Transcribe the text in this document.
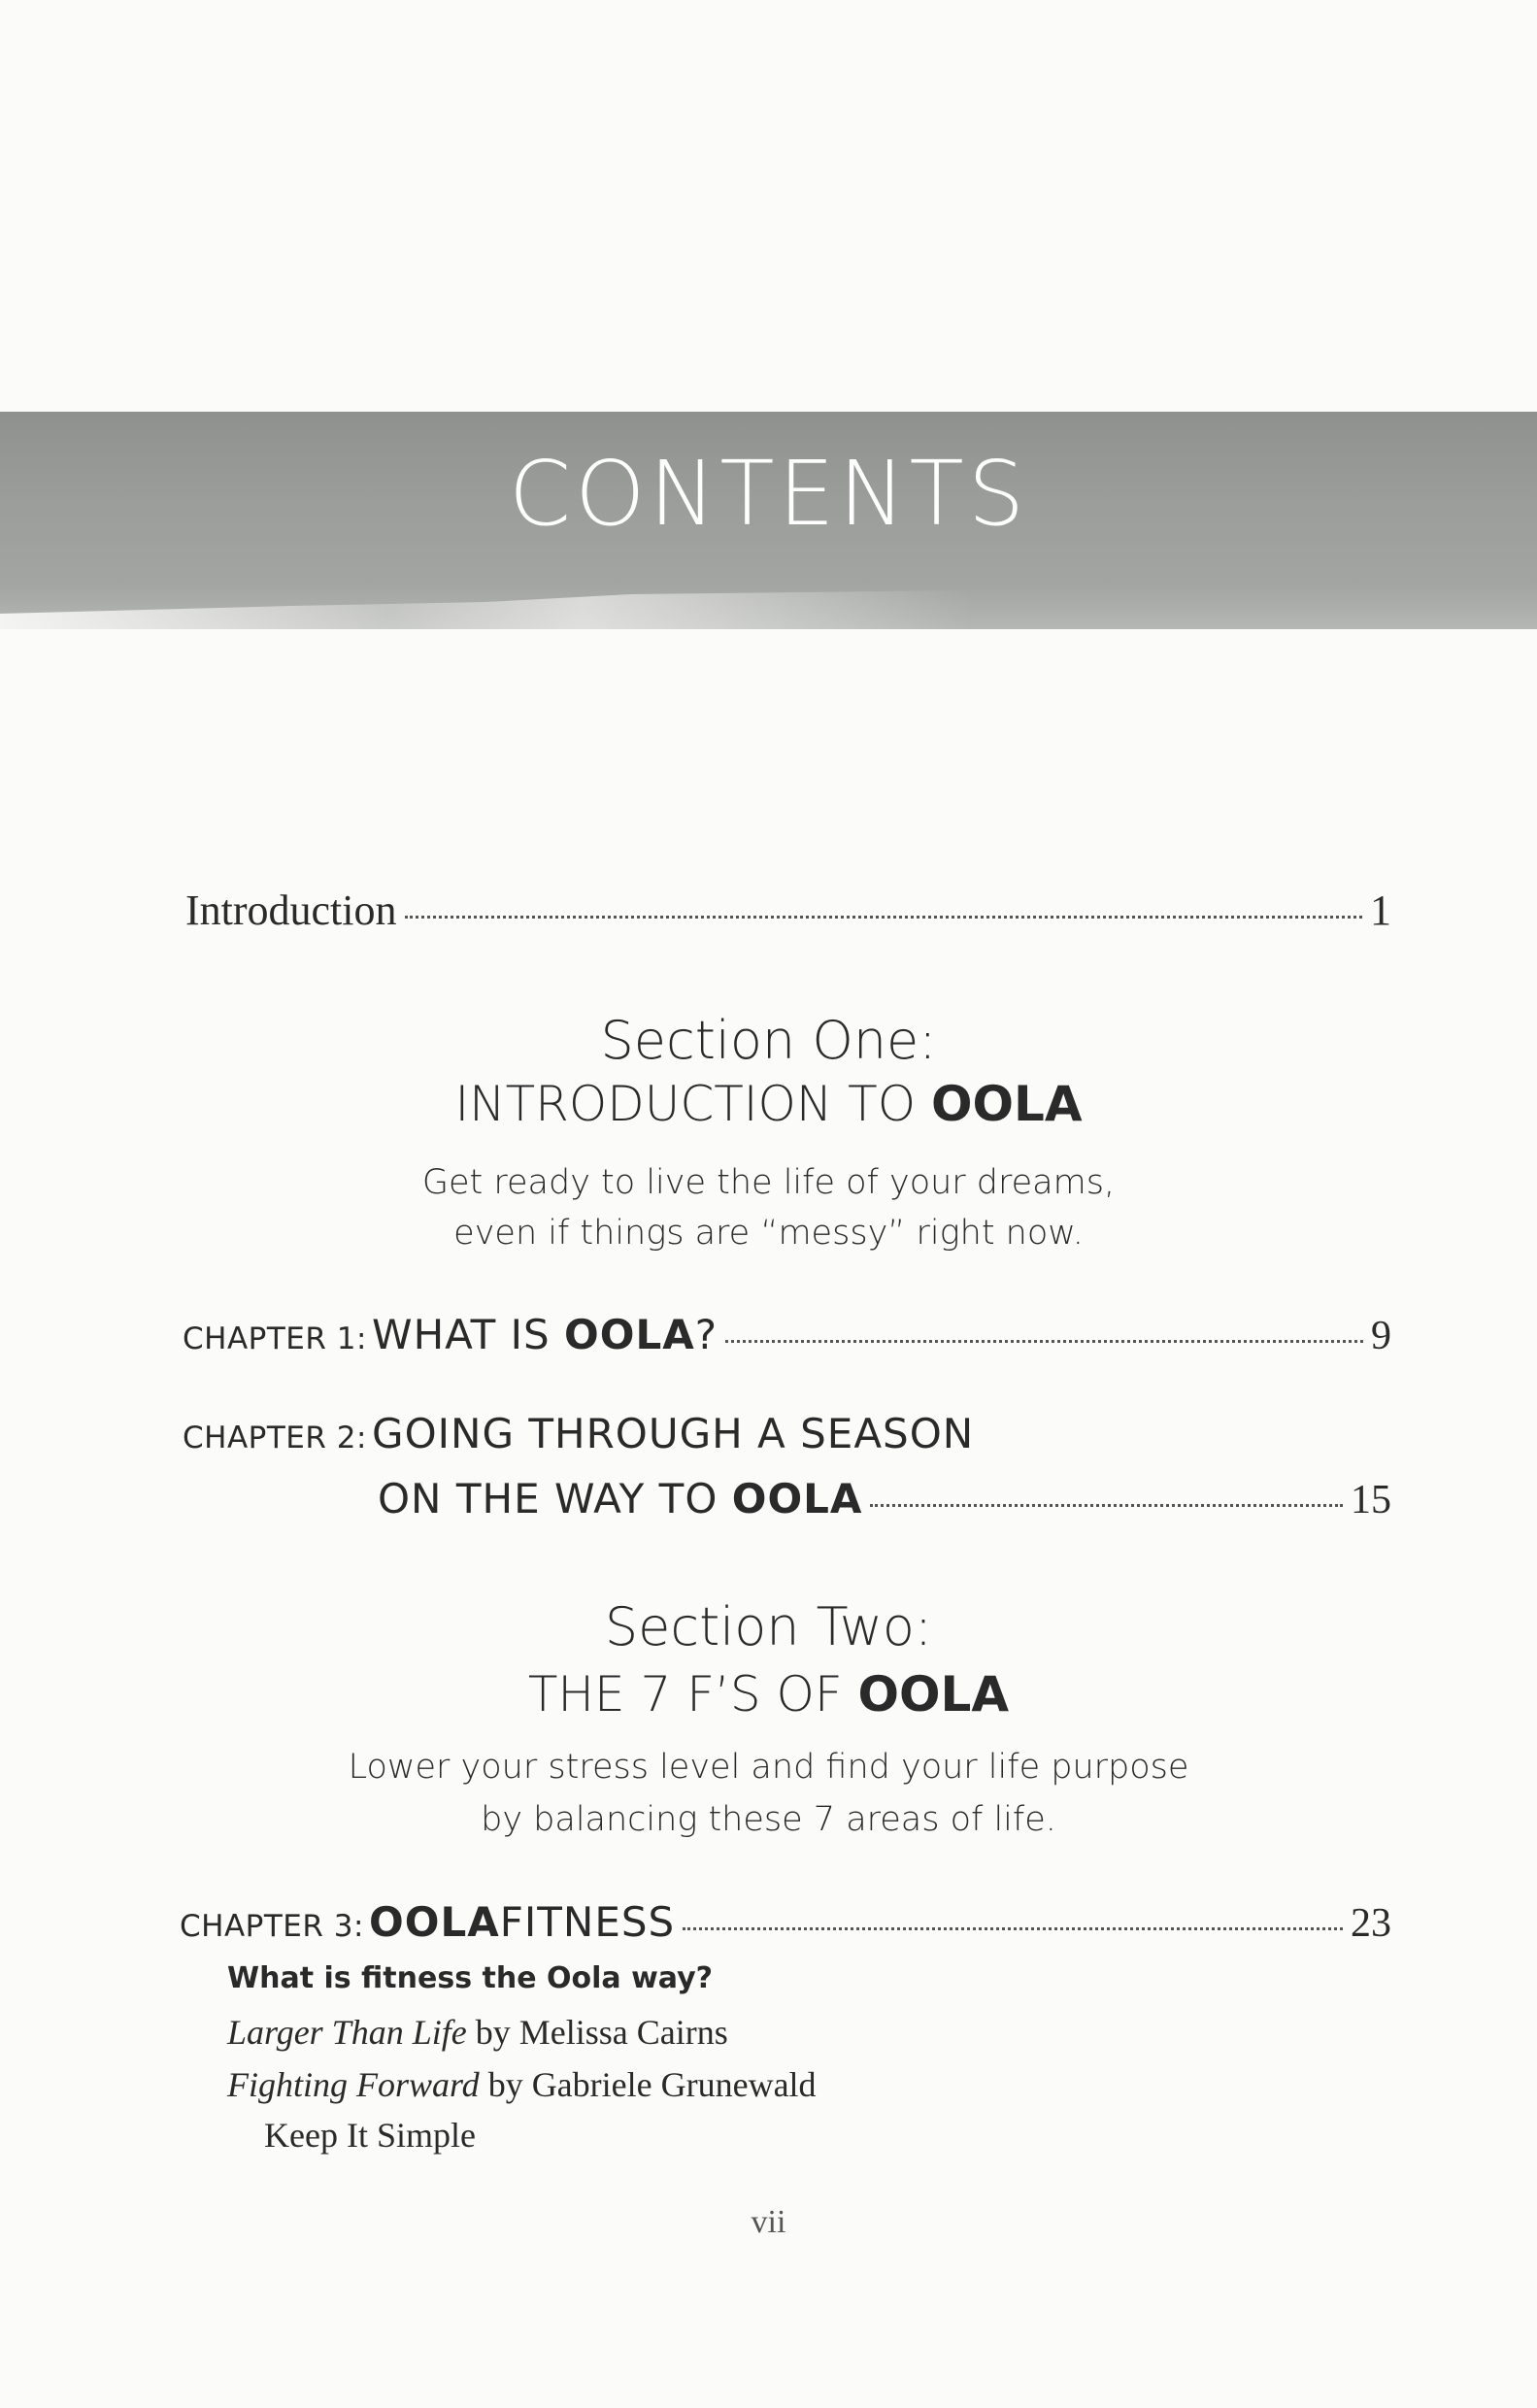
CONTENTS
Introduction	1
Section One:
INTRODUCTION TO OOLA
Get ready to live the life of your dreams,
even if things are “messy” right now.
CHAPTER 1:
WHAT IS OOLA?	9
CHAPTER 2:
GOING THROUGH A SEASON
ON THE WAY TO OOLA	15
Section Two:
THE 7 F’S OF OOLA
Lower your stress level and find your life purpose
by balancing these 7 areas of life.
CHAPTER 3:
OOLAFITNESS	23
What is fitness the Oola way?
Larger Than Life by Melissa Cairns
Fighting Forward by Gabriele Grunewald
Keep It Simple
vii
